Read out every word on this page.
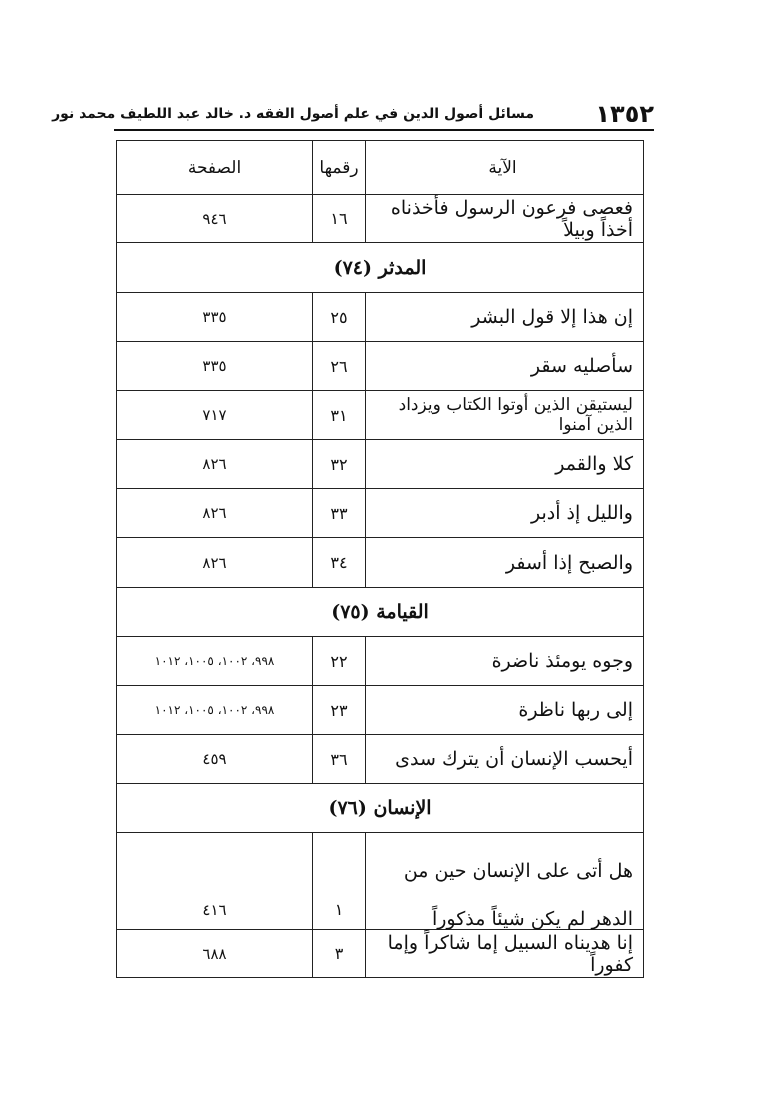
١٣٥٢
مسائل أصول الدين في علم أصول الفقه د. خالد عبد اللطيف محمد نور
الآية
رقمها
الصفحة
فعصى فرعون الرسول فأخذناه أخذاً وبيلاً
١٦
٩٤٦
المدثر (٧٤)
إن هذا إلا قول البشر
٢٥
٣٣٥
سأصليه سقر
٢٦
٣٣٥
ليستيقن الذين أوتوا الكتاب ويزداد الذين آمنوا
٣١
٧١٧
كلا والقمر
٣٢
٨٢٦
والليل إذ أدبر
٣٣
٨٢٦
والصبح إذا أسفر
٣٤
٨٢٦
القيامة (٧٥)
وجوه يومئذ ناضرة
٢٢
٩٩٨، ١٠٠٢، ١٠٠٥، ١٠١٢
إلى ربها ناظرة
٢٣
٩٩٨، ١٠٠٢، ١٠٠٥، ١٠١٢
أيحسب الإنسان أن يترك سدى
٣٦
٤٥٩
الإنسان (٧٦)
هل أتى على الإنسان حين من الدهر لم يكن شيئاً مذكوراً
١
٤١٦
إنا هديناه السبيل إما شاكراً وإما كفوراً
٣
٦٨٨
